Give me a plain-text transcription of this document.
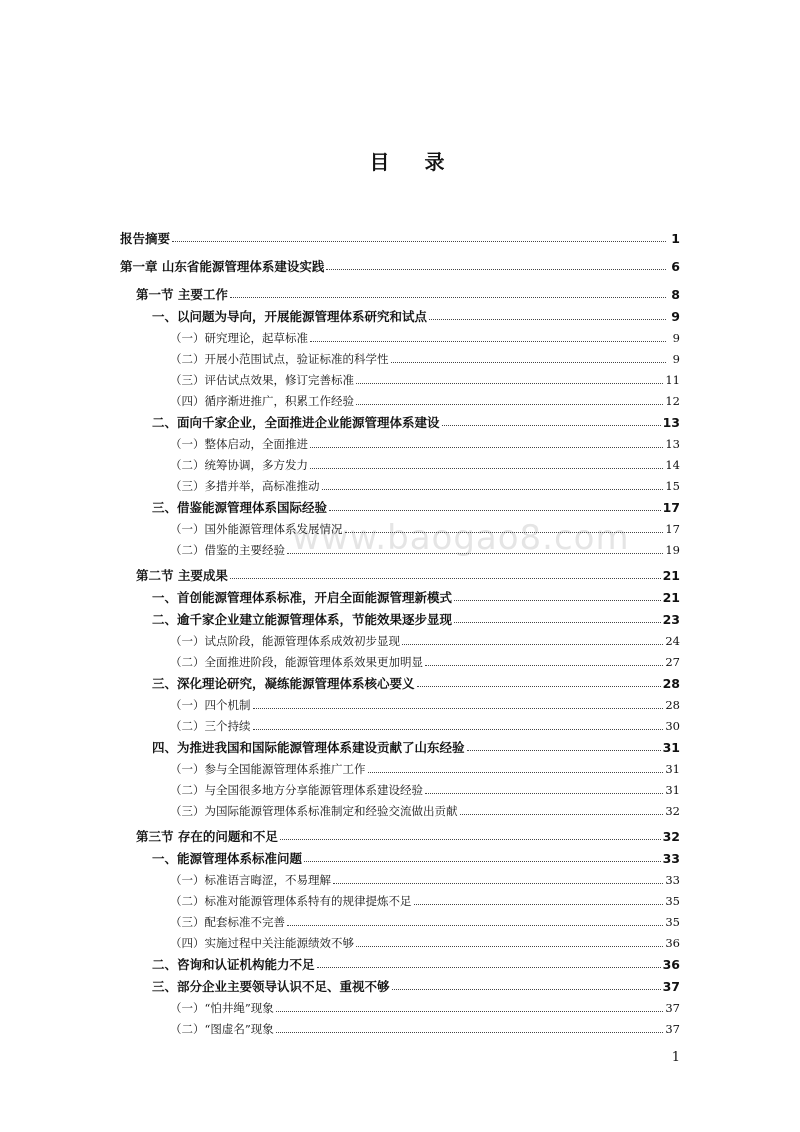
目 录
www.baogao8.com
报告摘要	1
第一章 山东省能源管理体系建设实践	6
第一节 主要工作	8
一、以问题为导向，开展能源管理体系研究和试点	9
（一）研究理论，起草标准	9
（二）开展小范围试点，验证标准的科学性	9
（三）评估试点效果，修订完善标准	11
（四）循序渐进推广，积累工作经验	12
二、面向千家企业，全面推进企业能源管理体系建设	13
（一）整体启动，全面推进	13
（二）统筹协调，多方发力	14
（三）多措并举，高标准推动	15
三、借鉴能源管理体系国际经验	17
（一）国外能源管理体系发展情况	17
（二）借鉴的主要经验	19
第二节 主要成果	21
一、首创能源管理体系标准，开启全面能源管理新模式	21
二、逾千家企业建立能源管理体系，节能效果逐步显现	23
（一）试点阶段，能源管理体系成效初步显现	24
（二）全面推进阶段，能源管理体系效果更加明显	27
三、深化理论研究，凝练能源管理体系核心要义	28
（一）四个机制	28
（二）三个持续	30
四、为推进我国和国际能源管理体系建设贡献了山东经验	31
（一）参与全国能源管理体系推广工作	31
（二）与全国很多地方分享能源管理体系建设经验	31
（三）为国际能源管理体系标准制定和经验交流做出贡献	32
第三节 存在的问题和不足	32
一、能源管理体系标准问题	33
（一）标准语言晦涩，不易理解	33
（二）标准对能源管理体系特有的规律提炼不足	35
（三）配套标准不完善	35
（四）实施过程中关注能源绩效不够	36
二、咨询和认证机构能力不足	36
三、部分企业主要领导认识不足、重视不够	37
（一）“怕井绳”现象	37
（二）“图虚名”现象	37
1
